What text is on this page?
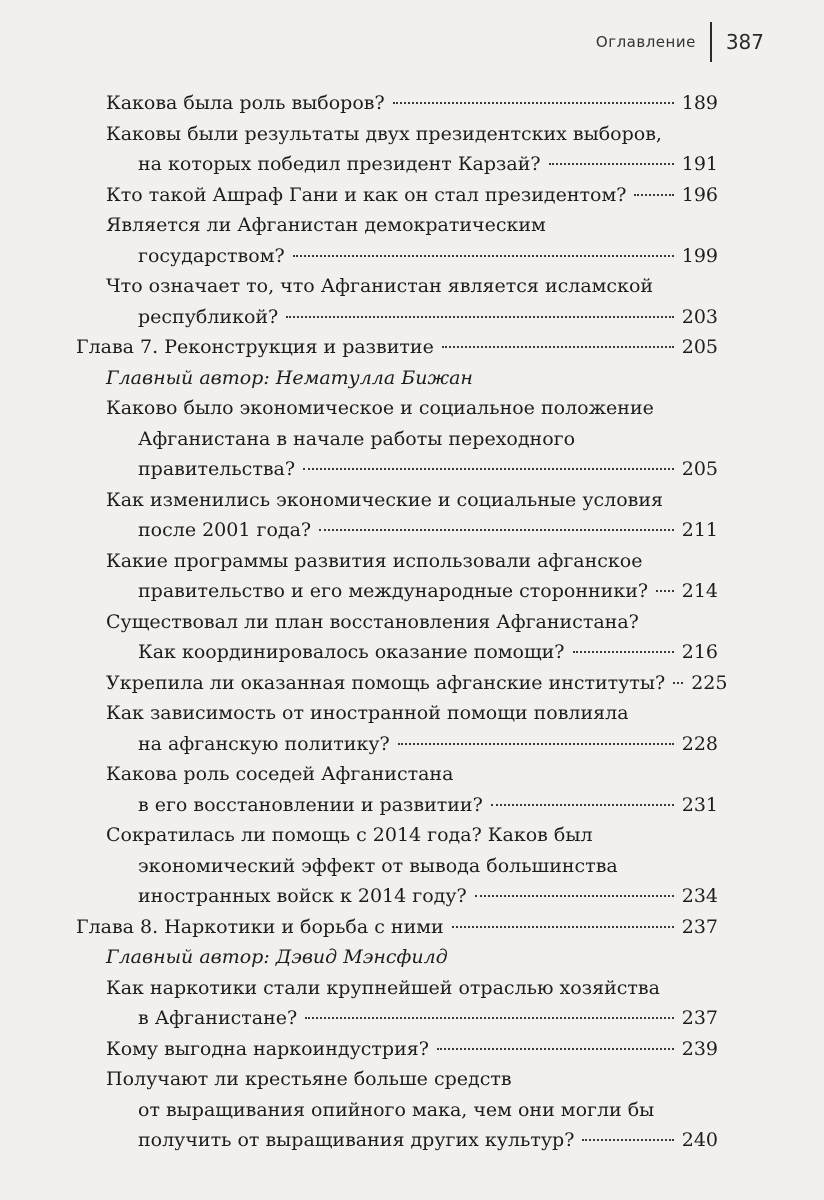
Оглавление	387
Какова была роль выборов?	189
Каковы были результаты двух президентских выборов,
на которых победил президент Карзай?	191
Кто такой Ашраф Гани и как он стал президентом?	196
Является ли Афганистан демократическим
государством?	199
Что означает то, что Афганистан является исламской
республикой?	203
Глава 7. Реконструкция и развитие	205
Главный автор: Нематулла Бижан
Каково было экономическое и социальное положение
Афганистана в начале работы переходного
правительства?	205
Как изменились экономические и социальные условия
после 2001 года?	211
Какие программы развития использовали афганское
правительство и его международные сторонники? 214
Существовал ли план восстановления Афганистана?
Как координировалось оказание помощи?	216
Укрепила ли оказанная помощь афганские институты? 225
Как зависимость от иностранной помощи повлияла
на афганскую политику?	228
Какова роль соседей Афганистана
в его восстановлении и развитии?	231
Сократилась ли помощь с 2014 года? Каков был
экономический эффект от вывода большинства
иностранных войск к 2014 году?	234
Глава 8. Наркотики и борьба с ними	237
Главный автор: Дэвид Мэнсфилд
Как наркотики стали крупнейшей отраслью хозяйства
в Афганистане?	237
Кому выгодна наркоиндустрия?	239
Получают ли крестьяне больше средств
от выращивания опийного мака, чем они могли бы
получить от выращивания других культур?	240
